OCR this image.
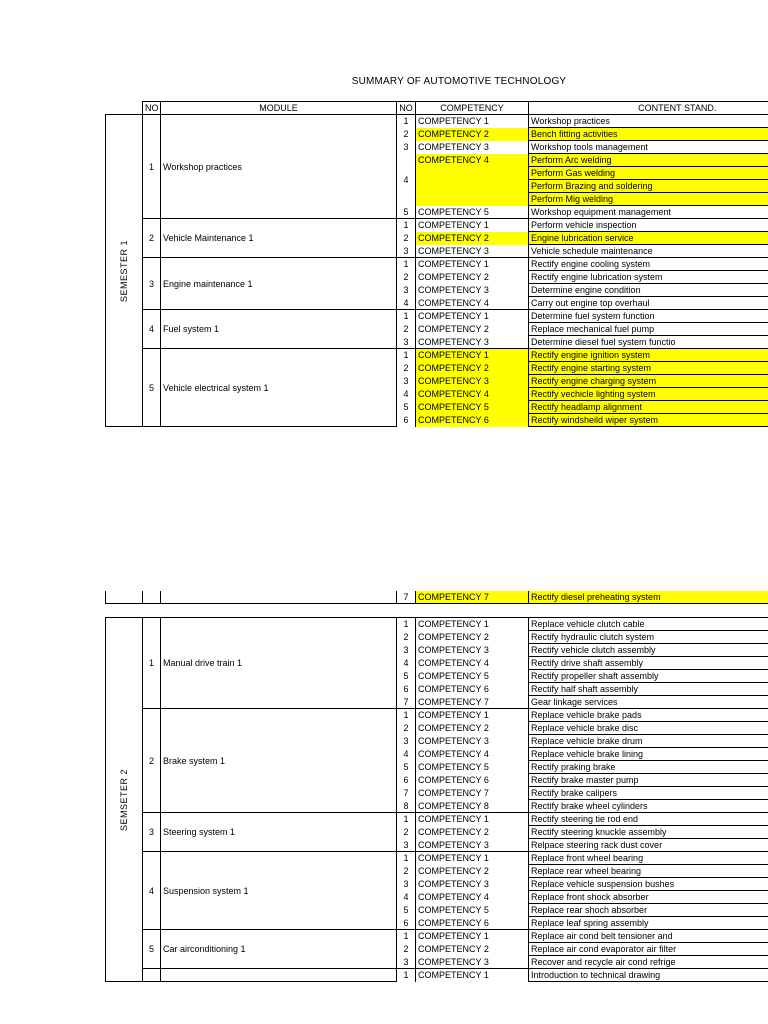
SUMMARY OF AUTOMOTIVE TECHNOLOGY
	NO	MODULE	NO	COMPETENCY	CONTENT STAND.

SEMESTER 1	1	Workshop practices	1	COMPETENCY 1	Workshop practices
			2	COMPETENCY 2	Bench fitting activities
			3	COMPETENCY 3	Workshop tools management
			4	COMPETENCY 4	Perform Arc welding
					Perform Gas welding
					Perform Brazing and soldering
					Perform Mig welding
			5	COMPETENCY 5	Workshop equipment management
	2	Vehicle Maintenance 1	1	COMPETENCY 1	Perform vehicle inspection
			2	COMPETENCY 2	Engine lubrication service
			3	COMPETENCY 3	Vehicle schedule maintenance
	3	Engine maintenance 1	1	COMPETENCY 1	Rectify engine cooling system
			2	COMPETENCY 2	Rectify engine lubrication system
			3	COMPETENCY 3	Determine engine condition
			4	COMPETENCY 4	Carry out engine top overhaul
	4	Fuel system 1	1	COMPETENCY 1	Determine fuel system function
			2	COMPETENCY 2	Replace mechanical fuel pump
			3	COMPETENCY 3	Determine diesel fuel system functio
	5	Vehicle electrical system 1	1	COMPETENCY 1	Rectify engine ignition system
			2	COMPETENCY 2	Rectify engine starting system
			3	COMPETENCY 3	Rectify engine charging system
			4	COMPETENCY 4	Rectify vechicle lighting system
			5	COMPETENCY 5	Rectify headlamp alignment
			6	COMPETENCY 6	Rectify windsheild wiper system
			7	COMPETENCY 7	Rectify diesel preheating system
SEMSETER 2	1	Manual drive train 1	1	COMPETENCY 1	Replace vehicle clutch cable
			2	COMPETENCY 2	Rectify hydraulic clutch system
			3	COMPETENCY 3	Rectify vehicle clutch assembly
			4	COMPETENCY 4	Rectify drive shaft assembly
			5	COMPETENCY 5	Rectify propeller shaft assembly
			6	COMPETENCY 6	Rectify half shaft assembly
			7	COMPETENCY 7	Gear linkage services
	2	Brake system 1	1	COMPETENCY 1	Replace vehicle brake pads
			2	COMPETENCY 2	Replace vehicle brake disc
			3	COMPETENCY 3	Replace vehicle brake drum
			4	COMPETENCY 4	Replace vehicle brake lining
			5	COMPETENCY 5	Rectify praking brake
			6	COMPETENCY 6	Rectify brake master pump
			7	COMPETENCY 7	Rectify brake calipers
			8	COMPETENCY 8	Rectify brake wheel cylinders
	3	Steering system 1	1	COMPETENCY 1	Rectify steering tie rod end
			2	COMPETENCY 2	Rectify steering knuckle assembly
			3	COMPETENCY 3	Relpace steering rack dust cover
	4	Suspension system 1	1	COMPETENCY 1	Replace front wheel bearing
			2	COMPETENCY 2	Replace rear wheel bearing
			3	COMPETENCY 3	Replace vehicle suspension bushes
			4	COMPETENCY 4	Replace front shock absorber
			5	COMPETENCY 5	Replace rear shoch absorber
			6	COMPETENCY 6	Replace leaf spring assembly
	5	Car airconditioning 1	1	COMPETENCY 1	Replace air cond belt tensioner and
			2	COMPETENCY 2	Replace air cond evaporator air filter
			3	COMPETENCY 3	Recover and recycle air cond refrige
			1	COMPETENCY 1	Introduction to technical drawing
